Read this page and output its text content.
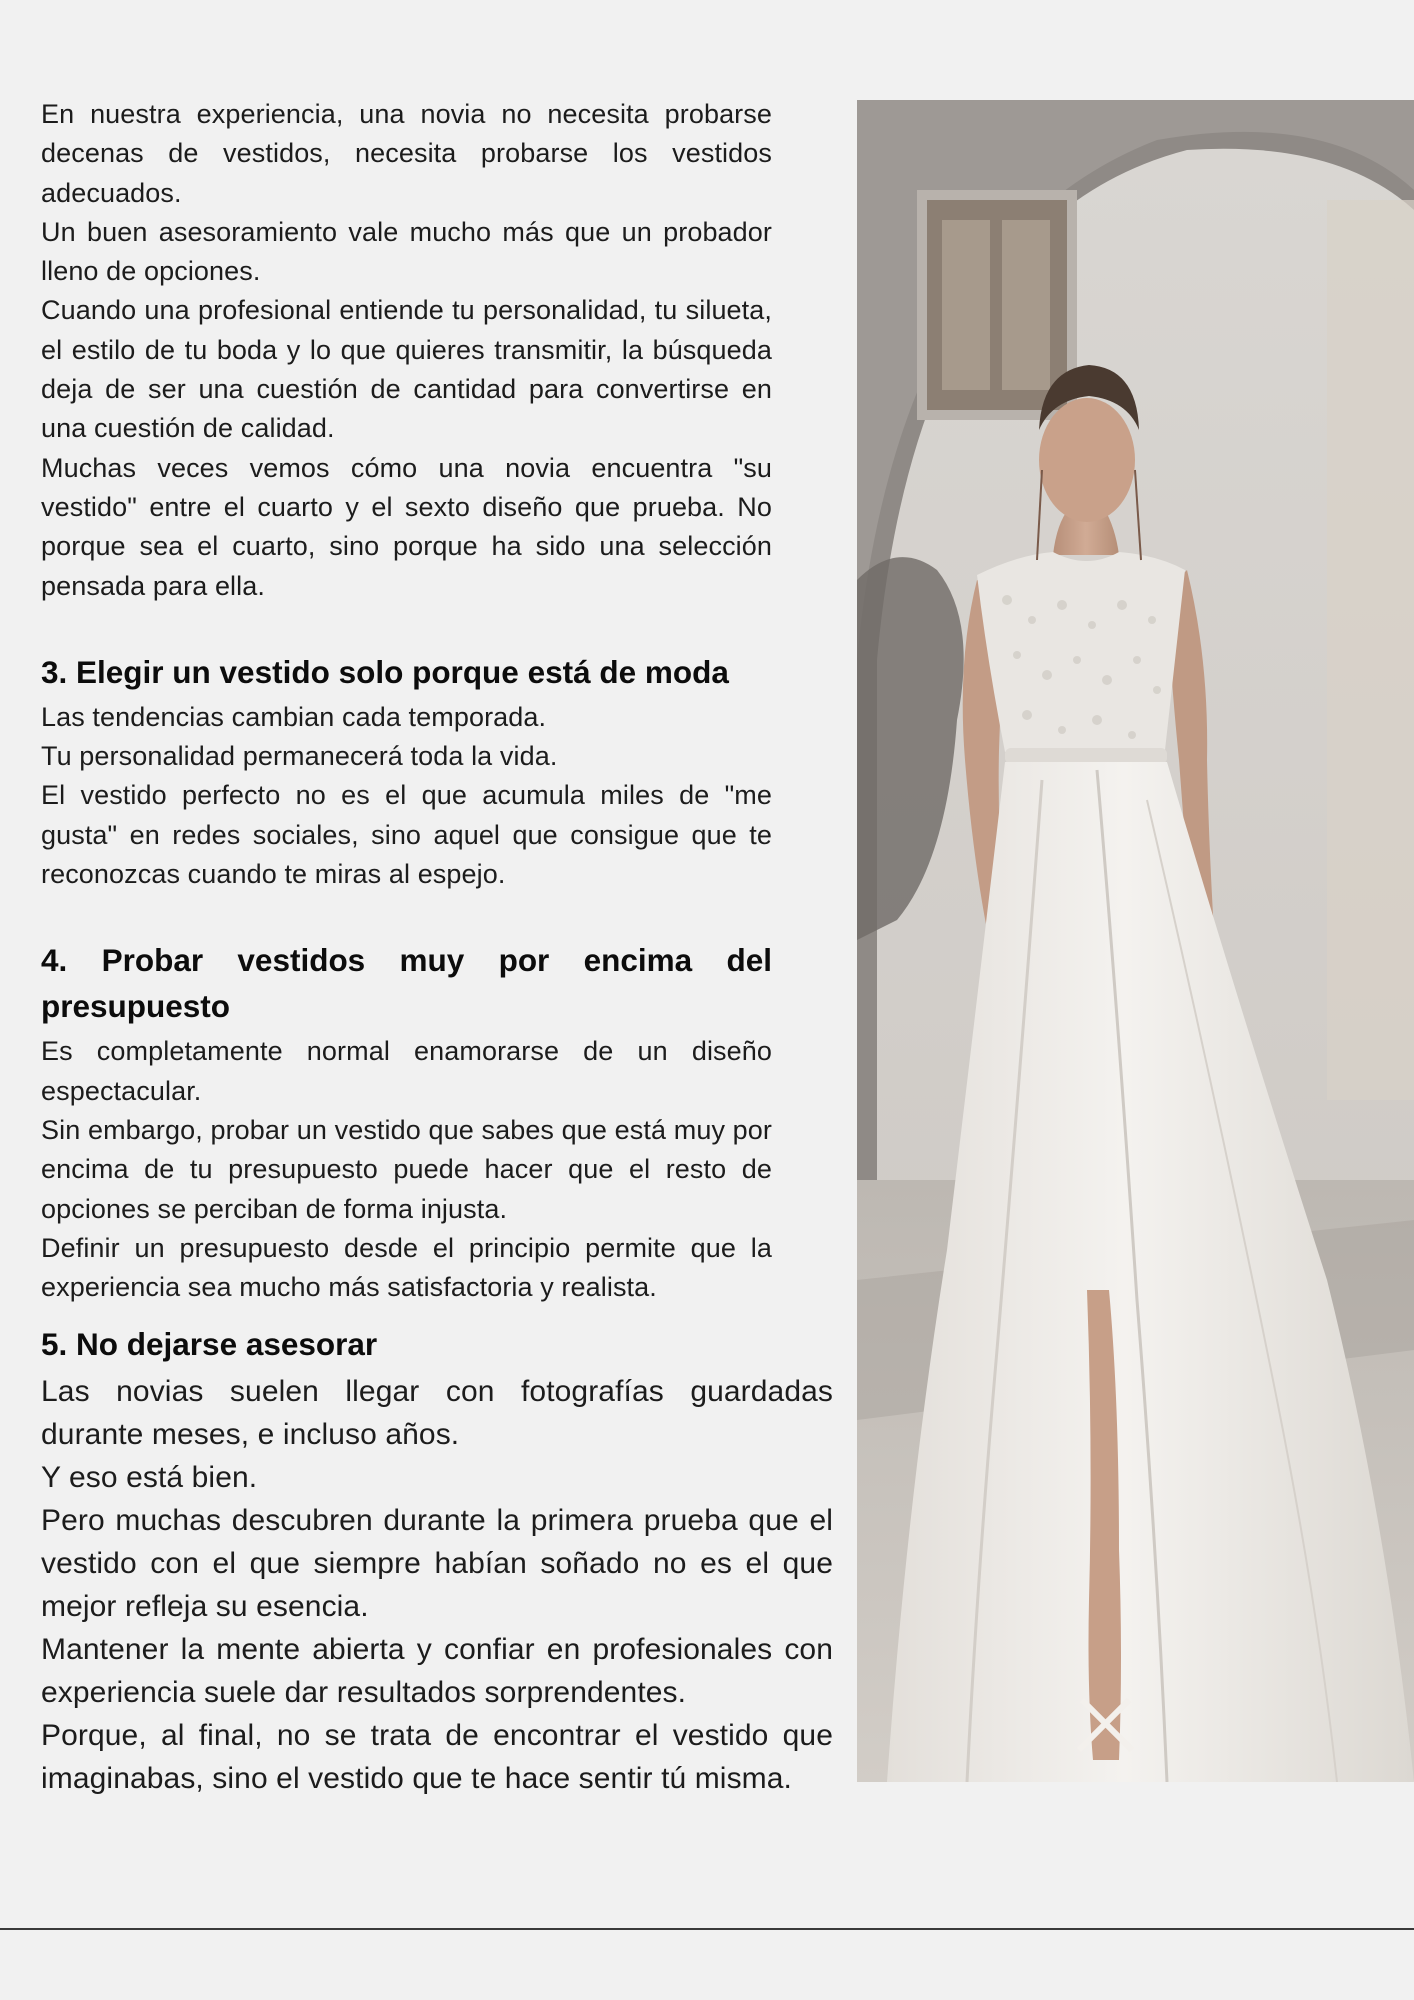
En nuestra experiencia, una novia no necesita probarse decenas de vestidos, necesita probarse los vestidos adecuados.

Un buen asesoramiento vale mucho más que un probador lleno de opciones.

Cuando una profesional entiende tu personalidad, tu silueta, el estilo de tu boda y lo que quieres transmitir, la búsqueda deja de ser una cuestión de cantidad para convertirse en una cuestión de calidad.

Muchas veces vemos cómo una novia encuentra "su vestido" entre el cuarto y el sexto diseño que prueba. No porque sea el cuarto, sino porque ha sido una selección pensada para ella.

3. Elegir un vestido solo porque está de moda

Las tendencias cambian cada temporada.

Tu personalidad permanecerá toda la vida.

El vestido perfecto no es el que acumula miles de "me gusta" en redes sociales, sino aquel que consigue que te reconozcas cuando te miras al espejo.

4. Probar vestidos muy por encima del presupuesto

Es completamente normal enamorarse de un diseño espectacular.

Sin embargo, probar un vestido que sabes que está muy por encima de tu presupuesto puede hacer que el resto de opciones se perciban de forma injusta.

Definir un presupuesto desde el principio permite que la experiencia sea mucho más satisfactoria y realista.

5. No dejarse asesorar

Las novias suelen llegar con fotografías guardadas durante meses, e incluso años.

Y eso está bien.

Pero muchas descubren durante la primera prueba que el vestido con el que siempre habían soñado no es el que mejor refleja su esencia.

Mantener la mente abierta y confiar en profesionales con experiencia suele dar resultados sorprendentes.

Porque, al final, no se trata de encontrar el vestido que imaginabas, sino el vestido que te hace sentir tú misma.
